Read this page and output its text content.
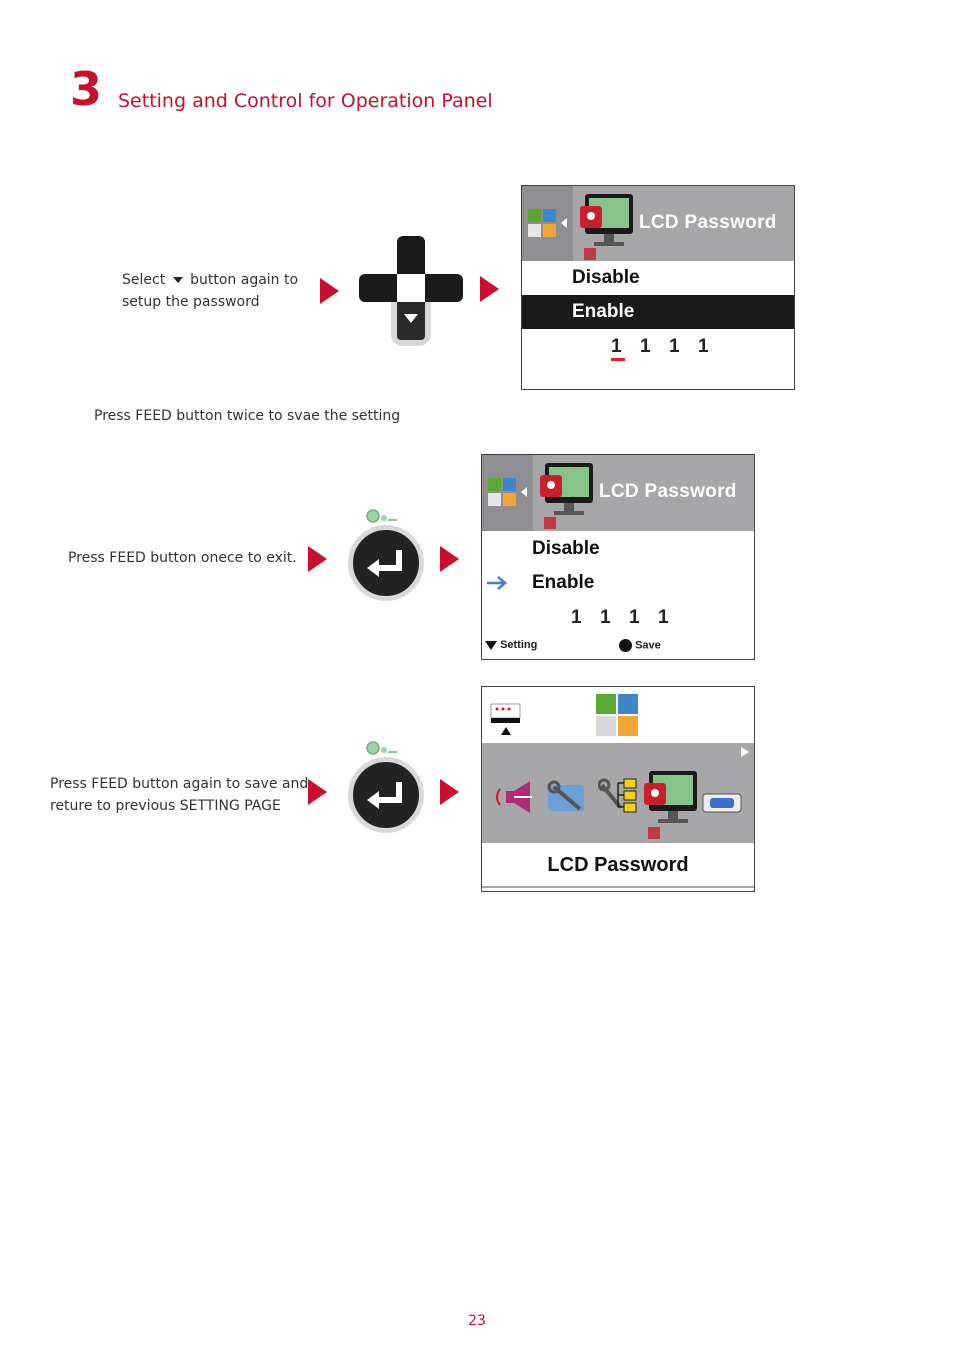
3 Setting and Control for Operation Panel
Select button again to
setup the password
LCD Password
Disable
Enable
1 1 1 1
Press FEED button twice to svae the setting
Press FEED button onece to exit.
LCD Password
Disable
Enable
1 1 1 1
Setting	Save
Press FEED button again to save and
reture to previous SETTING PAGE
LCD Password
23
